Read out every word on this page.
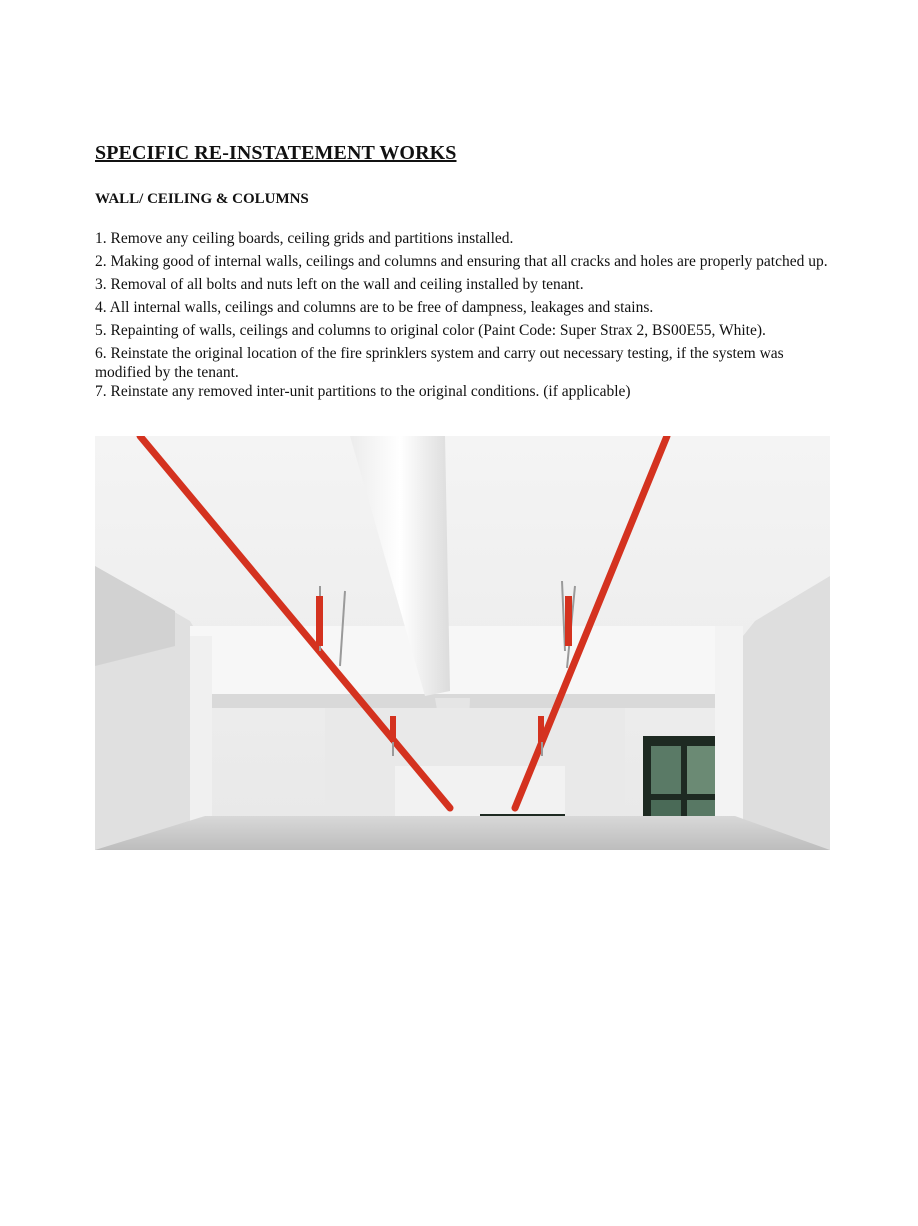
SPECIFIC RE-INSTATEMENT WORKS
WALL/ CEILING & COLUMNS
1. Remove any ceiling boards, ceiling grids and partitions installed.
2. Making good of internal walls, ceilings and columns and ensuring that all cracks and holes are properly patched up.
3. Removal of all bolts and nuts left on the wall and ceiling installed by tenant.
4. All internal walls, ceilings and columns are to be free of dampness, leakages and stains.
5. Repainting of walls, ceilings and columns to original color (Paint Code: Super Strax 2, BS00E55, White).
6. Reinstate the original location of the fire sprinklers system and carry out necessary testing, if the system was modified by the tenant.
7. Reinstate any removed inter-unit partitions to the original conditions. (if applicable)
